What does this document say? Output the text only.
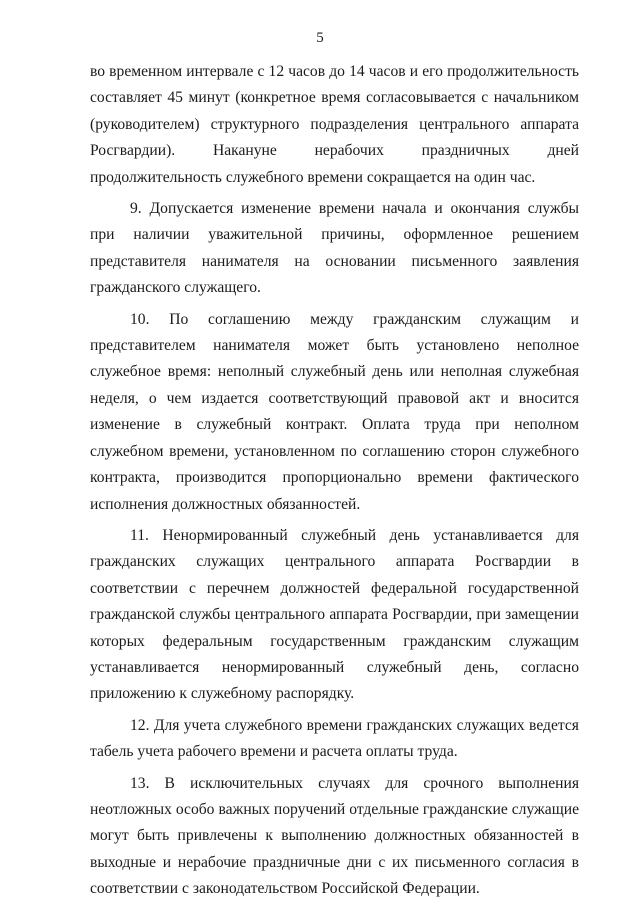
5

во временном интервале с 12 часов до 14 часов и его продолжительность составляет 45 минут (конкретное время согласовывается с начальником (руководителем) структурного подразделения центрального аппарата Росгвардии). Накануне нерабочих праздничных дней продолжительность служебного времени сокращается на один час.

9. Допускается изменение времени начала и окончания службы при наличии уважительной причины, оформленное решением представителя нанимателя на основании письменного заявления гражданского служащего.

10. По соглашению между гражданским служащим и представителем нанимателя может быть установлено неполное служебное время: неполный служебный день или неполная служебная неделя, о чем издается соответствующий правовой акт и вносится изменение в служебный контракт. Оплата труда при неполном служебном времени, установленном по соглашению сторон служебного контракта, производится пропорционально времени фактического исполнения должностных обязанностей.

11. Ненормированный служебный день устанавливается для гражданских служащих центрального аппарата Росгвардии в соответствии с перечнем должностей федеральной государственной гражданской службы центрального аппарата Росгвардии, при замещении которых федеральным государственным гражданским служащим устанавливается ненормированный служебный день, согласно приложению к служебному распорядку.

12. Для учета служебного времени гражданских служащих ведется табель учета рабочего времени и расчета оплаты труда.

13. В исключительных случаях для срочного выполнения неотложных особо важных поручений отдельные гражданские служащие могут быть привлечены к выполнению должностных обязанностей в выходные и нерабочие праздничные дни с их письменного согласия в соответствии с законодательством Российской Федерации.
